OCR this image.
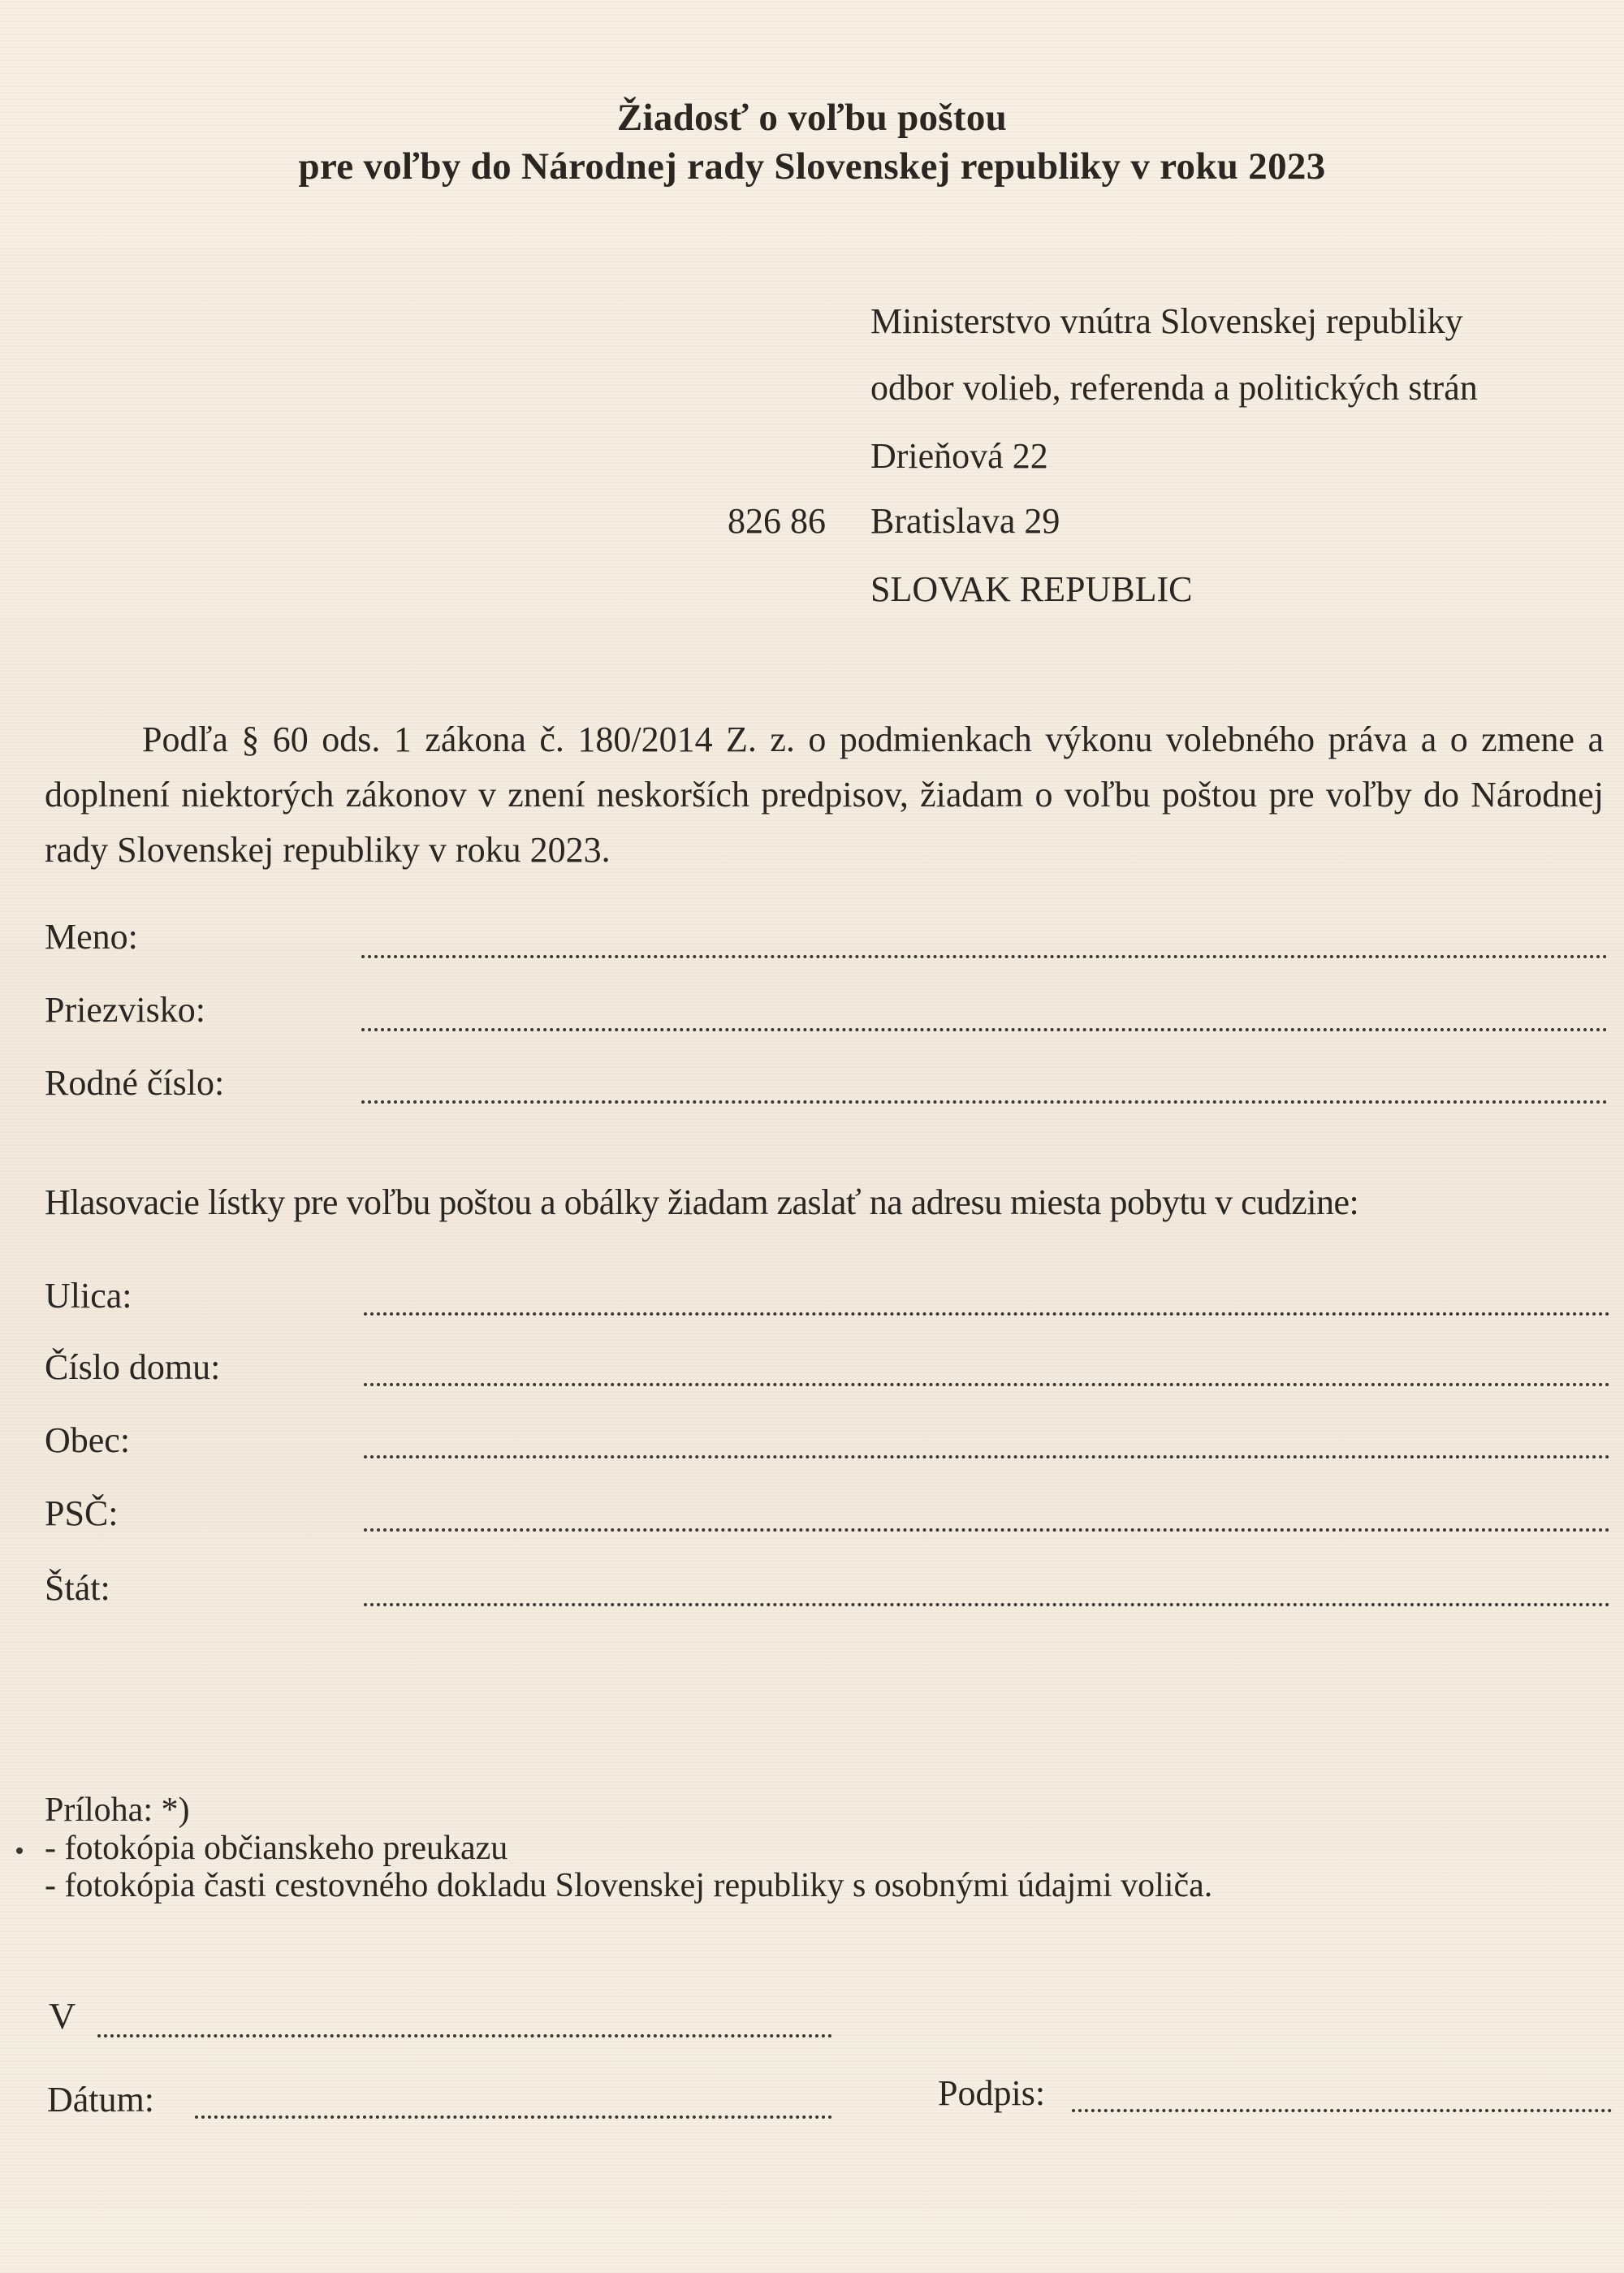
Žiadosť o voľbu poštou
pre voľby do Národnej rady Slovenskej republiky v roku 2023
Ministerstvo vnútra Slovenskej republiky
odbor volieb, referenda a politických strán
Drieňová 22
826 86 Bratislava 29
SLOVAK REPUBLIC
Podľa § 60 ods. 1 zákona č. 180/2014 Z. z. o podmienkach výkonu volebného práva a o zmene a doplnení niektorých zákonov v znení neskorších predpisov, žiadam o voľbu poštou pre voľby do Národnej rady Slovenskej republiky v roku 2023.
Meno:
Priezvisko:
Rodné číslo:
Hlasovacie lístky pre voľbu poštou a obálky žiadam zaslať na adresu miesta pobytu v cudzine:
Ulica:
Číslo domu:
Obec:
PSČ:
Štát:
Príloha: *)
- fotokópia občianskeho preukazu
- fotokópia časti cestovného dokladu Slovenskej republiky s osobnými údajmi voliča.
V
Dátum:	Podpis:
